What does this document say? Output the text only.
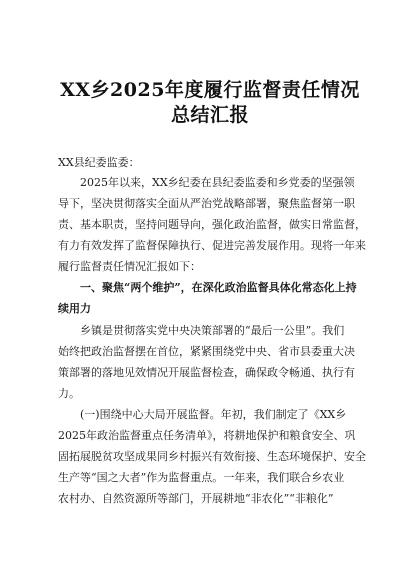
XX乡2025年度履行监督责任情况
总结汇报
XX县纪委监委：
2025年以来，XX乡纪委在县纪委监委和乡党委的坚强领
导下，坚决贯彻落实全面从严治党战略部署，聚焦监督第一职
责、基本职责，坚持问题导向，强化政治监督，做实日常监督，
有力有效发挥了监督保障执行、促进完善发展作用。现将一年来
履行监督责任情况汇报如下：
一、聚焦“两个维护”，在深化政治监督具体化常态化上持
续用力
乡镇是贯彻落实党中央决策部署的“最后一公里”。我们
始终把政治监督摆在首位，紧紧围绕党中央、省市县委重大决
策部署的落地见效情况开展监督检查，确保政令畅通、执行有
力。
(一)围绕中心大局开展监督。年初，我们制定了《XX乡
2025年政治监督重点任务清单》，将耕地保护和粮食安全、巩
固拓展脱贫攻坚成果同乡村振兴有效衔接、生态环境保护、安全
生产等“国之大者”作为监督重点。一年来，我们联合乡农业
农村办、自然资源所等部门，开展耕地“非农化”“非粮化”
